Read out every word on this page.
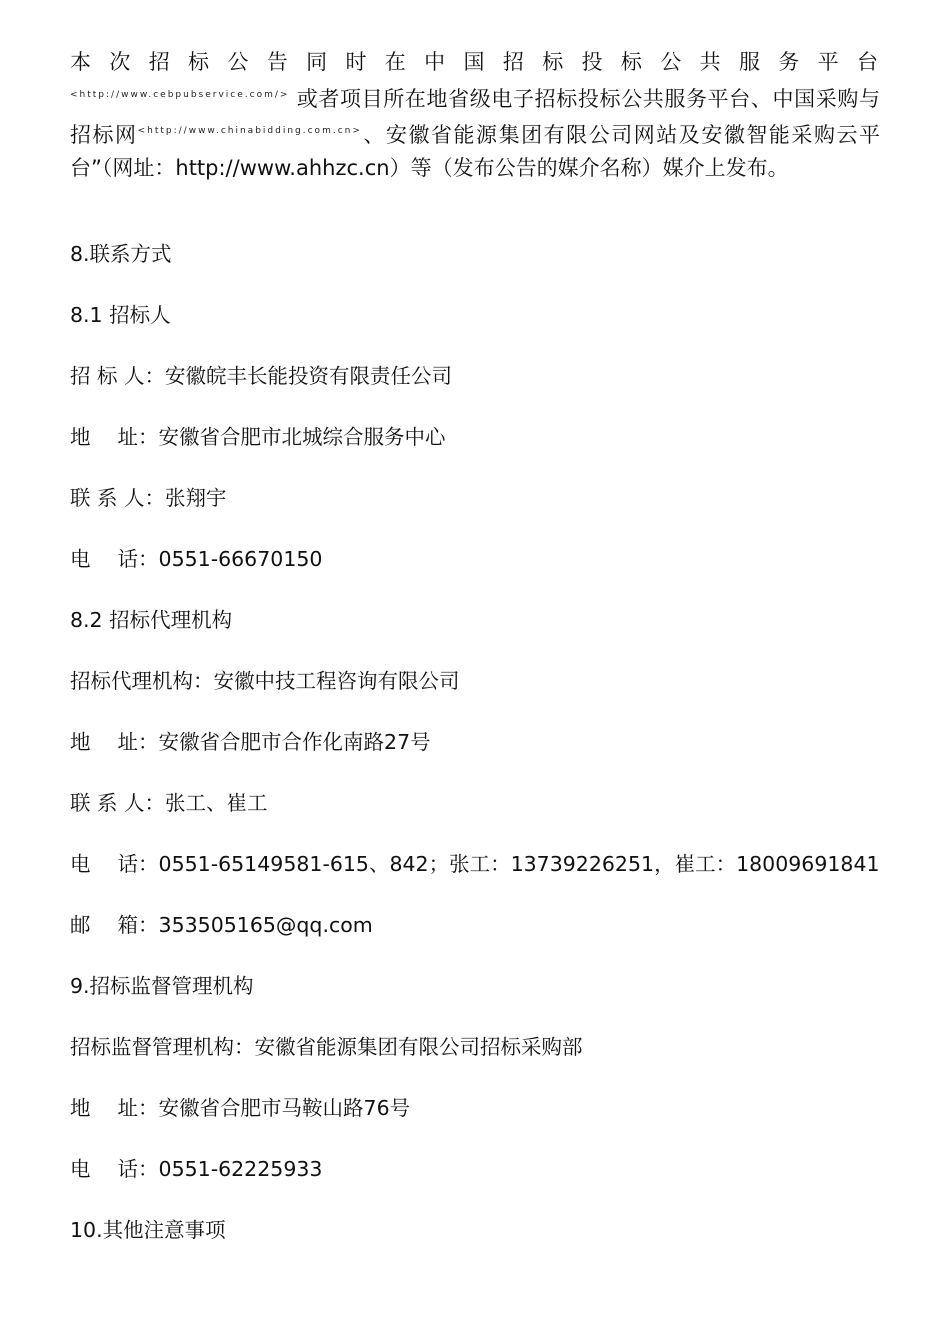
本次招标公告同时在中国招标投标公共服务平台
$^{<http://www.cebpubservice.com/>}$ 或者项目所在地省级电子招标投标公共服务平台、中国采购与招标网$^{<http://www.chinabidding.com.cn>}$、安徽省能源集团有限公司网站及安徽智能采购云平台”（网址：http://www.ahhzc.cn）等（发布公告的媒介名称）媒介上发布。
8.联系方式
8.1 招标人
招 标 人：安徽皖丰长能投资有限责任公司
地　 址：安徽省合肥市北城综合服务中心
联 系 人：张翔宇
电　 话：0551-66670150
8.2 招标代理机构
招标代理机构：安徽中技工程咨询有限公司
地　 址：安徽省合肥市合作化南路27号
联 系 人：张工、崔工
电　 话：0551-65149581-615、842；张工：13739226251，崔工：18009691841
邮　 箱：353505165@qq.com
9.招标监督管理机构
招标监督管理机构：安徽省能源集团有限公司招标采购部
地　 址：安徽省合肥市马鞍山路76号
电　 话：0551-62225933
10.其他注意事项
